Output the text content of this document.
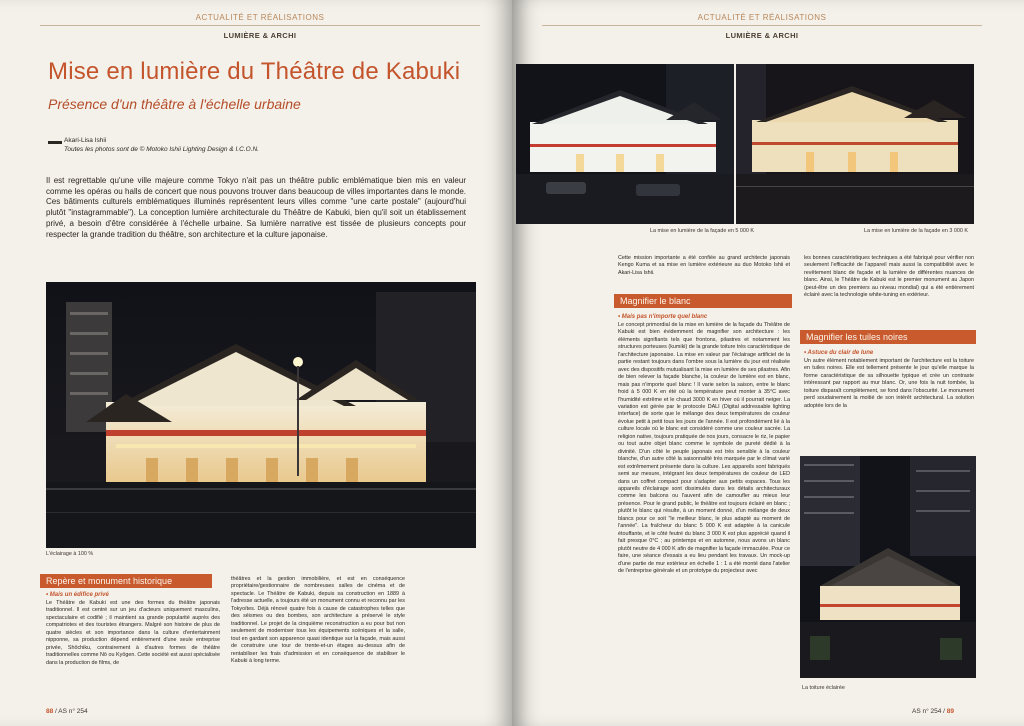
ACTUALITÉ ET RÉALISATIONS
LUMIÈRE & ARCHI
Mise en lumière du Théâtre de Kabuki
Présence d'un théâtre à l'échelle urbaine
Akari-Lisa Ishii
Toutes les photos sont de © Motoko Ishii Lighting Design & I.C.O.N.
Il est regrettable qu'une ville majeure comme Tokyo n'ait pas un théâtre public emblématique bien mis en valeur comme les opéras ou halls de concert que nous pouvons trouver dans beaucoup de villes importantes dans le monde. Ces bâtiments culturels emblématiques illuminés représentent leurs villes comme "une carte postale" (aujourd'hui plutôt "instagrammable"). La conception lumière architecturale du Théâtre de Kabuki, bien qu'il soit un établissement privé, a besoin d'être considérée à l'échelle urbaine. Sa lumière narrative est tissée de plusieurs concepts pour respecter la grande tradition du théâtre, son architecture et la culture japonaise.
L'éclairage à 100 %
Repère et monument historique
• Mais un édifice privé
Le Théâtre de Kabuki est une des formes du théâtre japonais traditionnel. Il est centré sur un jeu d'acteurs uniquement masculins, spectaculaire et codifié ; il maintient sa grande popularité auprès des compatriotes et des touristes étrangers. Malgré son histoire de plus de quatre siècles et son importance dans la culture d'entertainment nipponne, sa production dépend entièrement d'une seule entreprise privée, Shōchiku, contrairement à d'autres formes de théâtre traditionnelles comme Nō ou Kyōgen. Cette société est aussi spécialisée dans la production de films, de
théâtres et la gestion immobilière, et est en conséquence propriétaire/gestionnaire de nombreuses salles de cinéma et de spectacle. Le Théâtre de Kabuki, depuis sa construction en 1889 à l'adresse actuelle, a toujours été un monument connu et reconnu par les Tokyoïtes. Déjà rénové quatre fois à cause de catastrophes telles que des séismes ou des bombes, son architecture a préservé le style traditionnel. Le projet de la cinquième reconstruction a eu pour but non seulement de moderniser tous les équipements scéniques et la salle, tout en gardant son apparence quasi identique sur la façade, mais aussi de construire une tour de trente-et-un étages au-dessus afin de rentabiliser les frais d'admission et en conséquence de stabiliser le Kabuki à long terme.
88 / AS n° 254
ACTUALITÉ ET RÉALISATIONS
LUMIÈRE & ARCHI
La mise en lumière de la façade en 5 000 K	La mise en lumière de la façade en 3 000 K
Cette mission importante a été confiée au grand architecte japonais Kengo Kuma et sa mise en lumière extérieure au duo Motoko Ishii et Akari-Lisa Ishii.
Magnifier le blanc
• Mais pas n'importe quel blanc
Le concept primordial de la mise en lumière de la façade du Théâtre de Kabuki est bien évidemment de magnifier son architecture : les éléments signifiants tels que frontons, pilastres et notamment les structures porteuses (kumiki) de la grande toiture très caractéristique de l'architecture japonaise. La mise en valeur par l'éclairage artificiel de la partie restant toujours dans l'ombre sous la lumière du jour est réalisée avec des dispositifs mutualisant la mise en lumière de ses pilastres. Afin de bien relever la façade blanche, la couleur de lumière est en blanc, mais pas n'importe quel blanc ! Il varie selon la saison, entre le blanc froid à 5 000 K en été où la température peut monter à 35°C avec l'humidité extrême et le chaud 3000 K en hiver où il pourrait neiger. La variation est gérée par le protocole DALI (Digital addressable lighting interface) de sorte que le mélange des deux températures de couleur évolue petit à petit tous les jours de l'année. Il est profondément lié à la culture locale où le blanc est considéré comme une couleur sacrée. La religion native, toujours pratiquée de nos jours, consacre le riz, le papier ou tout autre objet blanc comme le symbole de pureté dédié à la divinité. D'un côté le peuple japonais est très sensible à la couleur blanche, d'un autre côté la saisonnalité très marquée par le climat varié est extrêmement présente dans la culture. Les appareils sont fabriqués semi sur mesure, intégrant les deux températures de couleur de LED dans un coffret compact pour s'adapter aux petits espaces. Tous les appareils d'éclairage sont dissimulés dans les détails architecturaux comme les balcons ou l'auvent afin de camoufler au mieux leur présence. Pour le grand public, le théâtre est toujours éclairé en blanc ; plutôt le blanc qui résulte, à un moment donné, d'un mélange de deux blancs pour ce soit "le meilleur blanc, le plus adapté au moment de l'année". La fraîcheur du blanc 5 000 K est adaptée à la canicule étouffante, et le côté feutré du blanc 3 000 K est plus apprécié quand il fait presque 0°C ; au printemps et en automne, nous avons un blanc plutôt neutre de 4 000 K afin de magnifier la façade immaculée. Pour ce faire, une séance d'essais a eu lieu pendant les travaux. Un mock-up d'une partie de mur extérieur en échelle 1 : 1 a été monté dans l'atelier de l'entreprise générale et un prototype du projecteur avec
les bonnes caractéristiques techniques a été fabriqué pour vérifier non seulement l'efficacité de l'appareil mais aussi la compatibilité avec le revêtement blanc de façade et la lumière de différentes nuances de blanc. Ainsi, le Théâtre de Kabuki est le premier monument au Japon (peut-être un des premiers au niveau mondial) qui a été entièrement éclairé avec la technologie white-tuning en extérieur.
Magnifier les tuiles noires
• Astuce du clair de lune
Un autre élément notablement important de l'architecture est la toiture en tuiles noires. Elle est tellement présente le jour qu'elle marque la forme caractéristique de sa silhouette typique et crée un contraste intéressant par rapport au mur blanc. Or, une fois la nuit tombée, la toiture disparaît complètement, se fond dans l'obscurité. Le monument perd soudainement la moitié de son intérêt architectural. La solution adoptée lors de la
La toiture éclairée
AS n° 254 / 89
